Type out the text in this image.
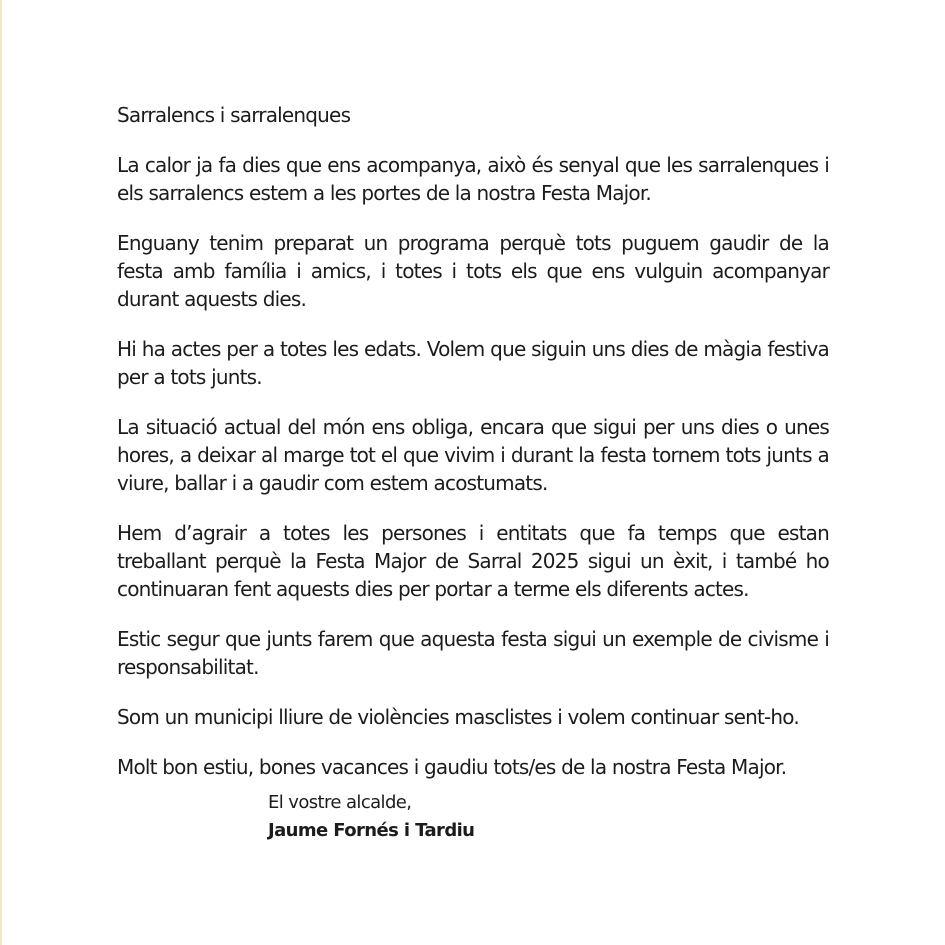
Sarralencs i sarralenques

La calor ja fa dies que ens acompanya, això és senyal que les sarralenques i els sarralencs estem a les portes de la nostra Festa Major.

Enguany tenim preparat un programa perquè tots puguem gaudir de la festa amb família i amics, i totes i tots els que ens vulguin acompanyar durant aquests dies.

Hi ha actes per a totes les edats. Volem que siguin uns dies de màgia festiva per a tots junts.

La situació actual del món ens obliga, encara que sigui per uns dies o unes hores, a deixar al marge tot el que vivim i durant la festa tornem tots junts a viure, ballar i a gaudir com estem acostumats.

Hem d’agrair a totes les persones i entitats que fa temps que estan treballant perquè la Festa Major de Sarral 2025 sigui un èxit, i també ho continuaran fent aquests dies per portar a terme els diferents actes.

Estic segur que junts farem que aquesta festa sigui un exemple de civisme i responsabilitat.

Som un municipi lliure de violències masclistes i volem continuar sent-ho.

Molt bon estiu, bones vacances i gaudiu tots/es de la nostra Festa Major.

El vostre alcalde,
Jaume Fornés i Tardiu
